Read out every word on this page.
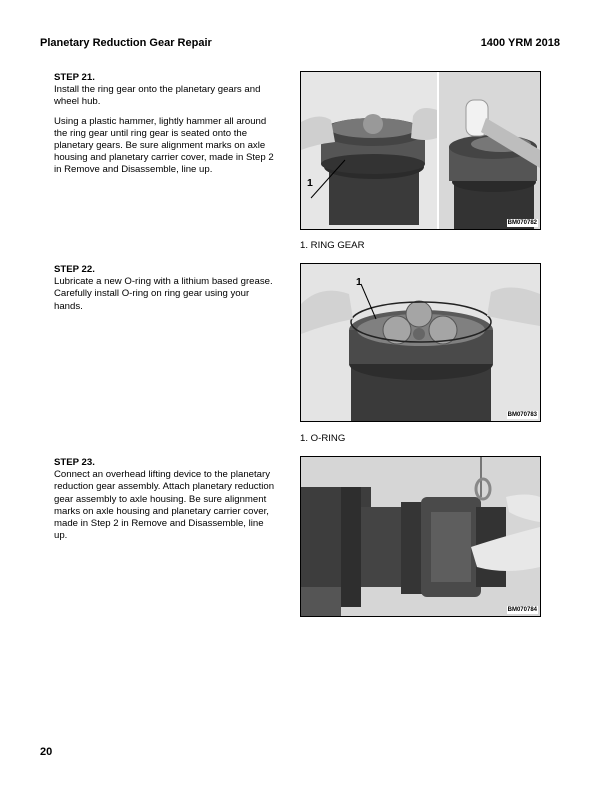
Planetary Reduction Gear Repair	1400 YRM 2018
STEP 21.

Install the ring gear onto the planetary gears and wheel hub.

Using a plastic hammer, lightly hammer all around the ring gear until ring gear is seated onto the planetary gears. Be sure alignment marks on axle housing and planetary carrier cover, made in Step 2 in Remove and Disassemble, line up.

STEP 22.

Lubricate a new O-ring with a lithium based grease. Carefully install O-ring on ring gear using your hands.

STEP 23.

Connect an overhead lifting device to the planetary reduction gear assembly. Attach planetary reduction gear assembly to axle housing. Be sure alignment marks on axle housing and planetary carrier cover, made in Step 2 in Remove and Disassemble, line up.

1
BM070782
1. RING GEAR
1
BM070783
1. O-RING
BM070784
20
